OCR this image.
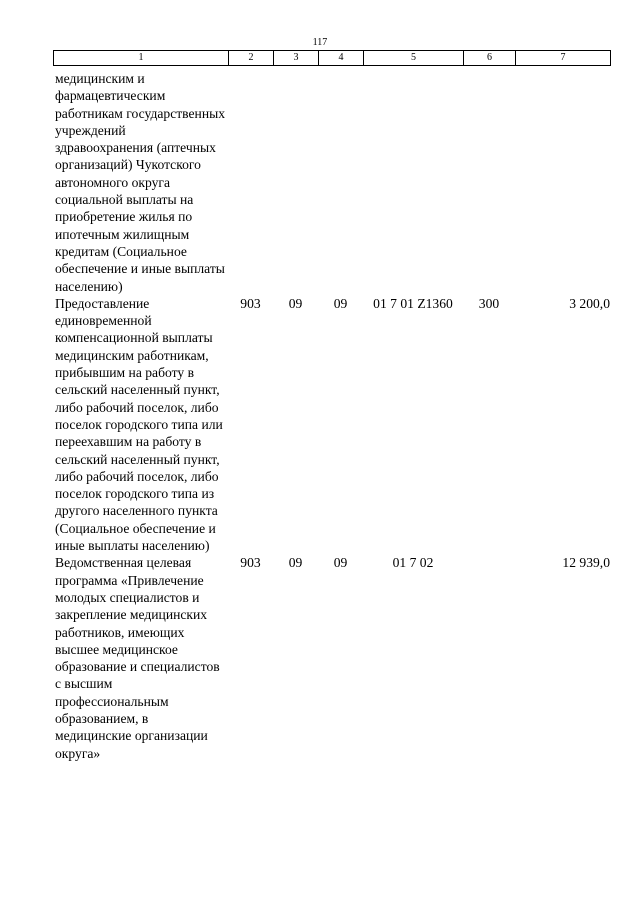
117
1	2	3	4	5	6	7
медицинским и фармацевтическим работникам государственных учреждений здравоохранения (аптечных организаций) Чукотского автономного округа социальной выплаты на приобретение жилья по ипотечным жилищным кредитам (Социальное обеспечение и иные выплаты населению)						
Предоставление единовременной компенсационной выплаты медицинским работникам, прибывшим на работу в сельский населенный пункт, либо рабочий поселок, либо поселок городского типа или переехавшим на работу в сельский населенный пункт, либо рабочий поселок, либо поселок городского типа из другого населенного пункта (Социальное обеспечение и иные выплаты населению)	903	09	09	01 7 01 Z1360	300	3 200,0
Ведомственная целевая программа «Привлечение молодых специалистов и закрепление медицинских работников, имеющих высшее медицинское образование и специалистов с высшим профессиональным образованием, в медицинские организации округа»	903	09	09	01 7 02		12 939,0
